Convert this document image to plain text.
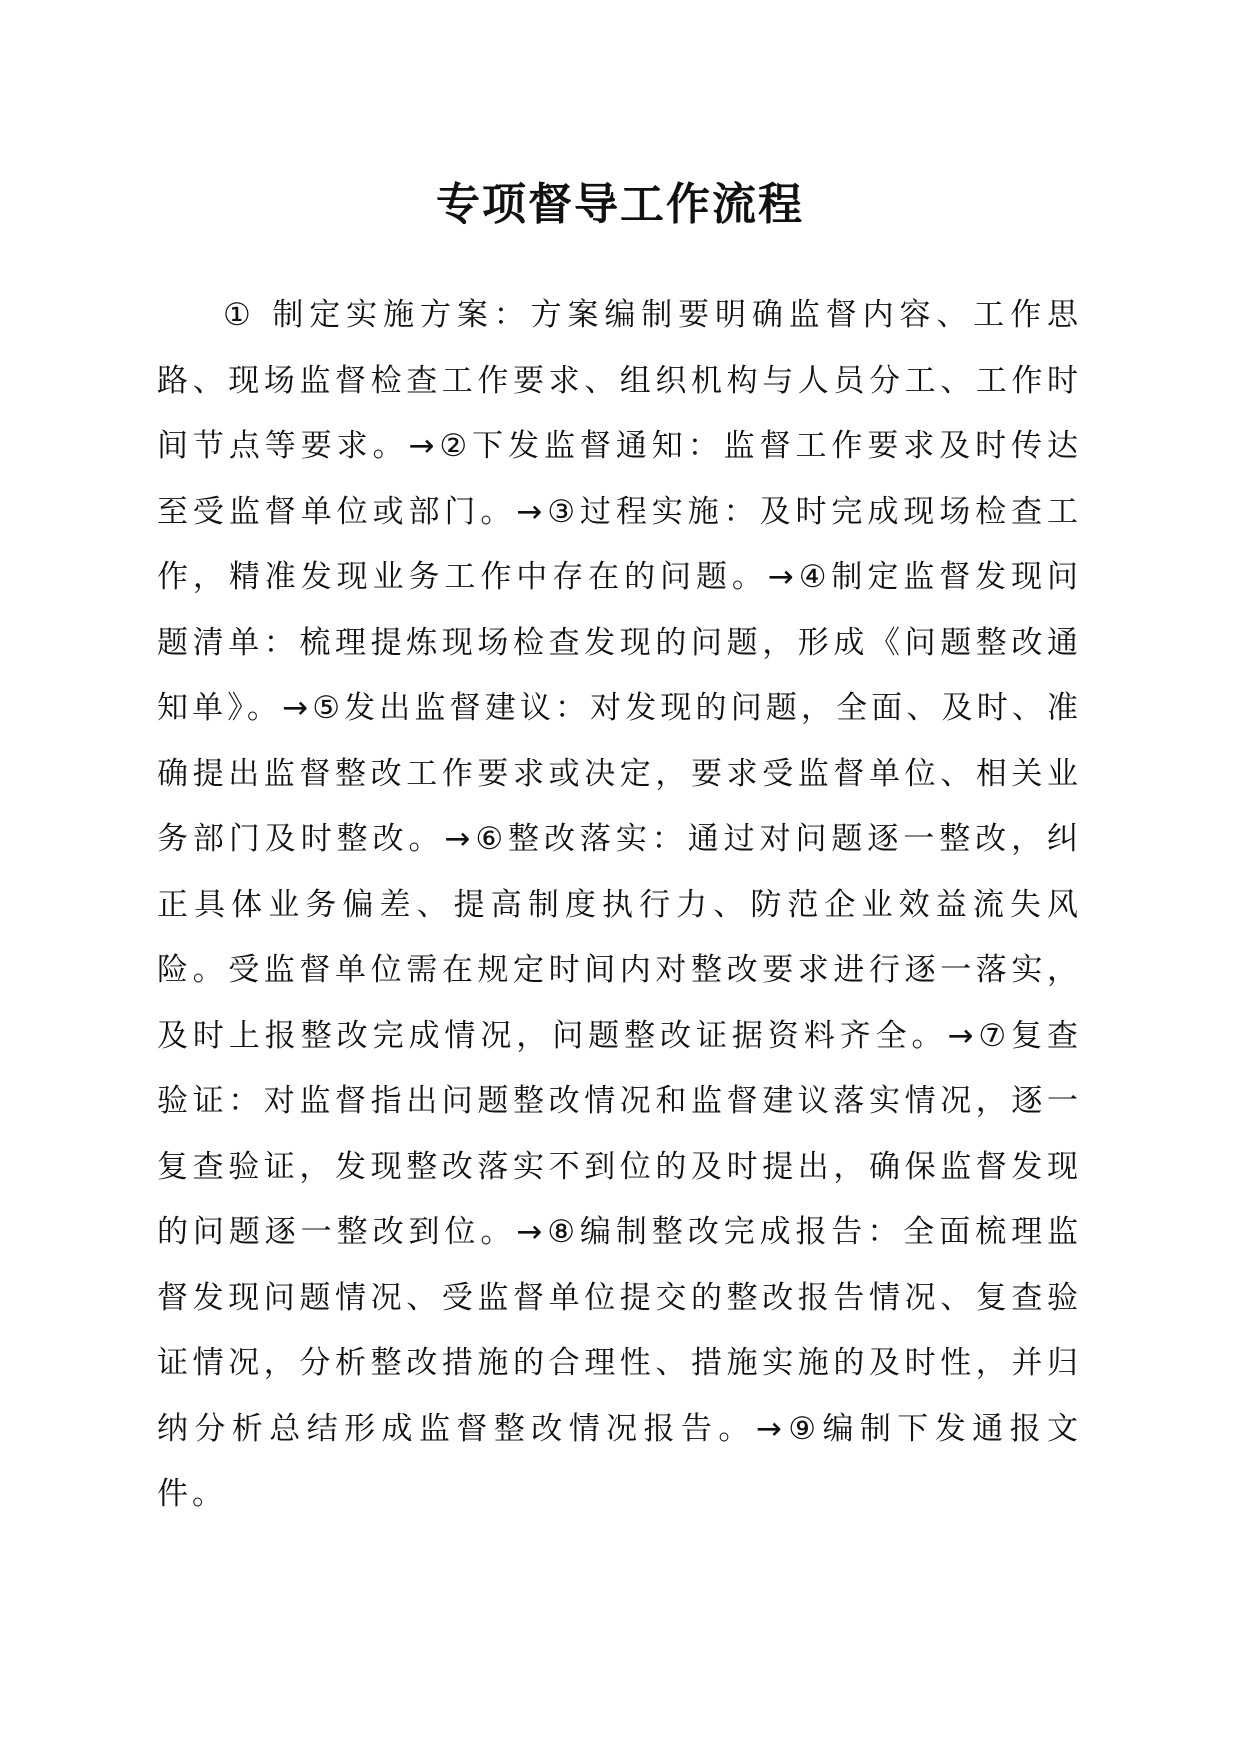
专项督导工作流程

① 制定实施方案：方案编制要明确监督内容、工作思路、现场监督检查工作要求、组织机构与人员分工、工作时间节点等要求。→②下发监督通知：监督工作要求及时传达至受监督单位或部门。→③过程实施：及时完成现场检查工作，精准发现业务工作中存在的问题。→④制定监督发现问题清单：梳理提炼现场检查发现的问题，形成《问题整改通知单》。→⑤发出监督建议：对发现的问题，全面、及时、准确提出监督整改工作要求或决定，要求受监督单位、相关业务部门及时整改。→⑥整改落实：通过对问题逐一整改，纠正具体业务偏差、提高制度执行力、防范企业效益流失风险。受监督单位需在规定时间内对整改要求进行逐一落实，及时上报整改完成情况，问题整改证据资料齐全。→⑦复查验证：对监督指出问题整改情况和监督建议落实情况，逐一复查验证，发现整改落实不到位的及时提出，确保监督发现的问题逐一整改到位。→⑧编制整改完成报告：全面梳理监督发现问题情况、受监督单位提交的整改报告情况、复查验证情况，分析整改措施的合理性、措施实施的及时性，并归纳分析总结形成监督整改情况报告。→⑨编制下发通报文件。
